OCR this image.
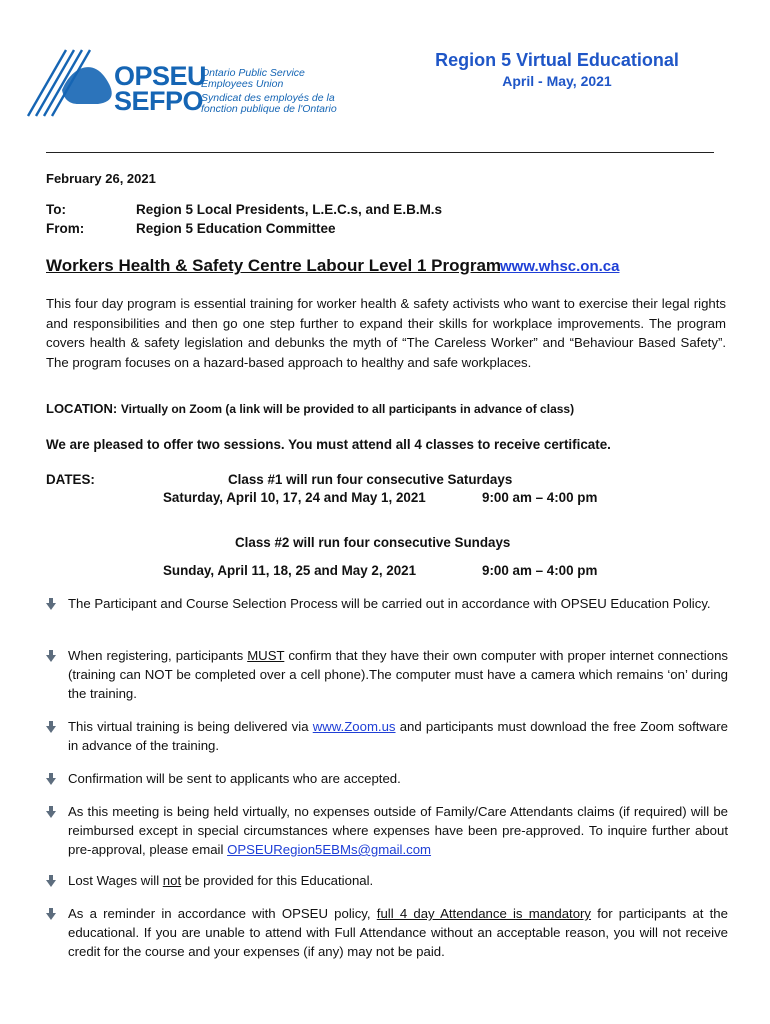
OPSEU
SEFPO
Ontario Public Service Employees Union
Syndicat des employés de la fonction publique de l'Ontario
Region 5 Virtual Educational
April - May, 2021
February 26, 2021
To:	Region 5 Local Presidents, L.E.C.s, and E.B.M.s
From:	Region 5 Education Committee
Workers Health & Safety Centre Labour Level 1 Program
www.whsc.on.ca
This four day program is essential training for worker health & safety activists who want to exercise their legal rights and responsibilities and then go one step further to expand their skills for workplace improvements. The program covers health & safety legislation and debunks the myth of “The Careless Worker” and “Behaviour Based Safety”. The program focuses on a hazard-based approach to healthy and safe workplaces.
LOCATION: Virtually on Zoom (a link will be provided to all participants in advance of class)
We are pleased to offer two sessions. You must attend all 4 classes to receive certificate.
DATES:	Class #1 will run four consecutive Saturdays
Saturday, April 10, 17, 24 and May 1, 2021	9:00 am – 4:00 pm
Class #2 will run four consecutive Sundays
Sunday, April 11, 18, 25 and May 2, 2021	9:00 am – 4:00 pm
The Participant and Course Selection Process will be carried out in accordance with OPSEU Education Policy.
When registering, participants MUST confirm that they have their own computer with proper internet connections (training can NOT be completed over a cell phone).The computer must have a camera which remains ‘on’ during the training.
This virtual training is being delivered via www.Zoom.us and participants must download the free Zoom software in advance of the training.
Confirmation will be sent to applicants who are accepted.
As this meeting is being held virtually, no expenses outside of Family/Care Attendants claims (if required) will be reimbursed except in special circumstances where expenses have been pre-approved. To inquire further about pre-approval, please email OPSEURegion5EBMs@gmail.com
Lost Wages will not be provided for this Educational.
As a reminder in accordance with OPSEU policy, full 4 day Attendance is mandatory for participants at the educational. If you are unable to attend with Full Attendance without an acceptable reason, you will not receive credit for the course and your expenses (if any) may not be paid.
